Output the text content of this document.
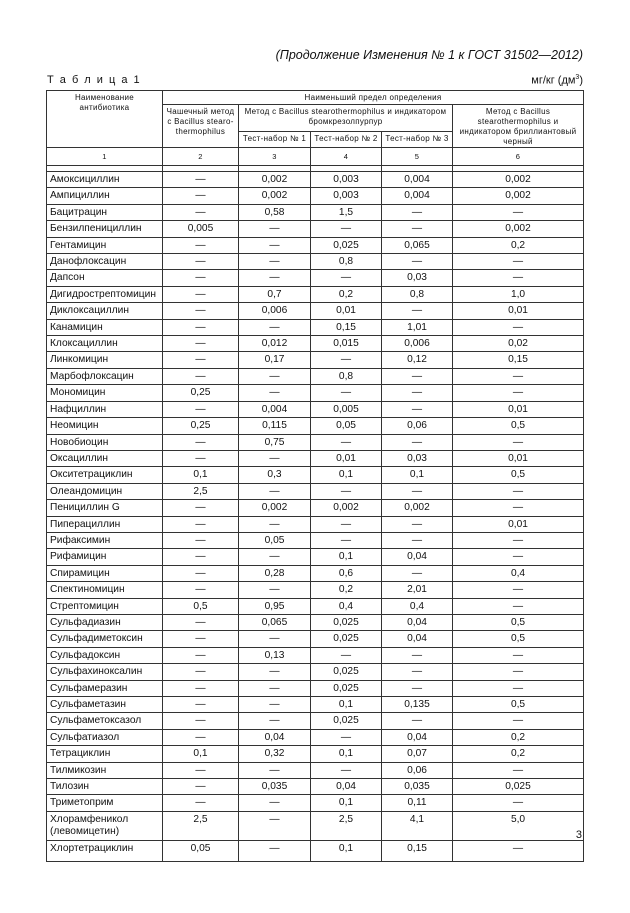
(Продолжение Изменения № 1 к ГОСТ 31502—2012)
Т а б л и ц а 1	мг/кг $(дм^3)$
Наименование антибиотика	Наименьший предел определения				
	Чашечный метод с Bacillus stearo-thermophilus	Метод с Bacillus stearothermophilus и индикатором бромкрезолпурпур			Метод с Bacillus stearothermophilus и индикатором бриллиантовый черный
		Тест-набор № 1	Тест-набор № 2	Тест-набор № 3	
1	2	3	4	5	6

Амоксициллин	—	0,002	0,003	0,004	0,002
Ампициллин	—	0,002	0,003	0,004	0,002
Бацитрацин	—	0,58	1,5	—	—
Бензилпенициллин	0,005	—	—	—	0,002
Гентамицин	—	—	0,025	0,065	0,2
Данофлоксацин	—	—	0,8	—	—
Дапсон	—	—	—	0,03	—
Дигидрострептомицин	—	0,7	0,2	0,8	1,0
Диклоксациллин	—	0,006	0,01	—	0,01
Канамицин	—	—	0,15	1,01	—
Клоксациллин	—	0,012	0,015	0,006	0,02
Линкомицин	—	0,17	—	0,12	0,15
Марбофлоксацин	—	—	0,8	—	—
Мономицин	0,25	—	—	—	—
Нафциллин	—	0,004	0,005	—	0,01
Неомицин	0,25	0,115	0,05	0,06	0,5
Новобиоцин	—	0,75	—	—	—
Оксациллин	—	—	0,01	0,03	0,01
Окситетрациклин	0,1	0,3	0,1	0,1	0,5
Олеандомицин	2,5	—	—	—	—
Пенициллин G	—	0,002	0,002	0,002	—
Пиперациллин	—	—	—	—	0,01
Рифаксимин	—	0,05	—	—	—
Рифамицин	—	—	0,1	0,04	—
Спирамицин	—	0,28	0,6	—	0,4
Спектиномицин	—	—	0,2	2,01	—
Стрептомицин	0,5	0,95	0,4	0,4	—
Сульфадиазин	—	0,065	0,025	0,04	0,5
Сульфадиметоксин	—	—	0,025	0,04	0,5
Сульфадоксин	—	0,13	—	—	—
Сульфахиноксалин	—	—	0,025	—	—
Сульфамеразин	—	—	0,025	—	—
Сульфаметазин	—	—	0,1	0,135	0,5
Сульфаметоксазол	—	—	0,025	—	—
Сульфатиазол	—	0,04	—	0,04	0,2
Тетрациклин	0,1	0,32	0,1	0,07	0,2
Тилмикозин	—	—	—	0,06	—
Тилозин	—	0,035	0,04	0,035	0,025
Триметоприм	—	—	0,1	0,11	—
Хлорамфеникол (левомицетин)	2,5	—	2,5	4,1	5,0
Хлортетрациклин	0,05	—	0,1	0,15	—
3
